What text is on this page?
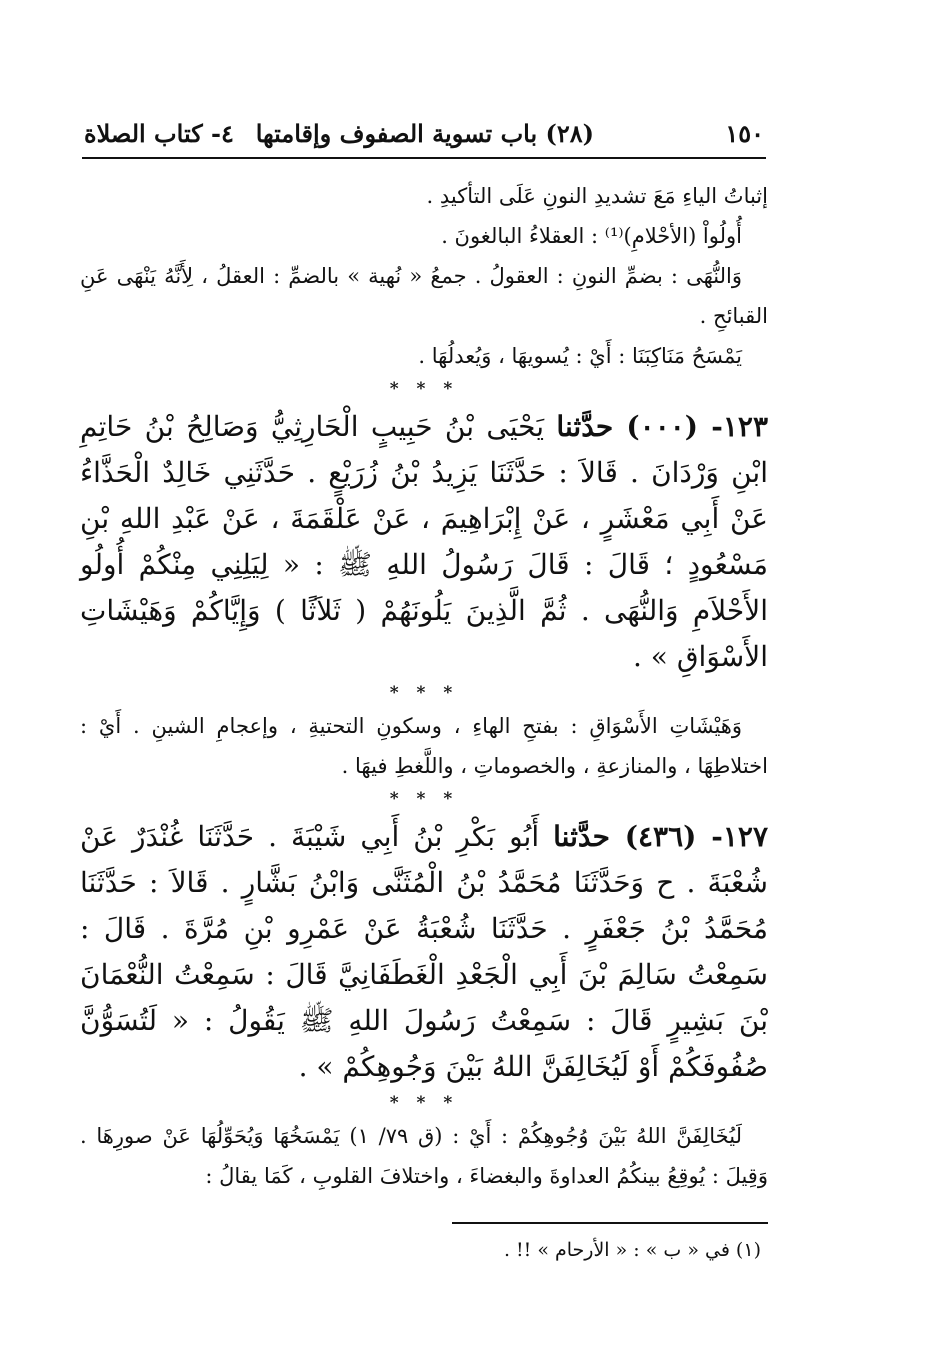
١٥٠
(٢٨) باب تسوية الصفوف وإقامتها
٤- كتاب الصلاة

إثباتُ الياءِ مَعَ تشديدِ النونِ عَلَى التأكيدِ .

أُولُواْ (الأحْلامِ)⁽¹⁾ : العقلاءُ البالغونَ .

وَالنُّهَى : بضمِّ النونِ : العقولُ . جمعُ « نُهية » بالضمِّ : العقلُ ، لِأَنَّهُ يَنْهَى عَنِ القبائحِ .

يَمْسَحُ مَنَاكِبَنَا : أَيْ : يُسويهَا ، وَيُعدلُهَا .

* * *

١٢٣- (٠٠٠) حدَّثنا يَحْيَى بْنُ حَبِيبٍ الْحَارِثِيُّ وَصَالِحُ بْنُ حَاتِمِ ابْنِ وَرْدَانَ . قَالاَ : حَدَّثَنَا يَزِيدُ بْنُ زُرَيْعٍ . حَدَّثَنِي خَالِدٌ الْحَذَّاءُ عَنْ أَبِي مَعْشَرٍ ، عَنْ إِبْرَاهِيمَ ، عَنْ عَلْقَمَةَ ، عَنْ عَبْدِ اللهِ بْنِ مَسْعُودٍ ؛ قَالَ : قَالَ رَسُولُ اللهِ ﷺ : « لِيَلِنِي مِنْكُمْ أُولُو الأَحْلاَمِ وَالنُّهَى . ثُمَّ الَّذِينَ يَلُونَهُمْ ( ثَلاَثًا ) وَإِيَّاكُمْ وَهَيْشَاتِ الأَسْوَاقِ » .

* * *

وَهَيْشَاتِ الأَسْوَاقِ : بفتحِ الهاءِ ، وسكونِ التحتيةِ ، وإعجامِ الشينِ . أَيْ : اختلاطِهَا ، والمنازعةِ ، والخصوماتِ ، واللَّغطِ فيهَا .

* * *

١٢٧- (٤٣٦) حدَّثنا أَبُو بَكْرِ بْنُ أَبِي شَيْبَةَ . حَدَّثَنَا غُنْدَرٌ عَنْ شُعْبَةَ . ح وَحَدَّثَنَا مُحَمَّدُ بْنُ الْمُثَنَّى وَابْنُ بَشَّارٍ . قَالاَ : حَدَّثَنَا مُحَمَّدُ بْنُ جَعْفَرٍ . حَدَّثَنَا شُعْبَةُ عَنْ عَمْرِو بْنِ مُرَّةَ . قَالَ : سَمِعْتُ سَالِمَ بْنَ أَبِي الْجَعْدِ الْغَطَفَانِيَّ قَالَ : سَمِعْتُ النُّعْمَانَ بْنَ بَشِيرٍ قَالَ : سَمِعْتُ رَسُولَ اللهِ ﷺ يَقُولُ : « لَتُسَوُّنَّ صُفُوفَكُمْ أَوْ لَيُخَالِفَنَّ اللهُ بَيْنَ وَجُوهِكُمْ » .

* * *

لَيُخَالِفَنَّ اللهُ بَيْنَ وُجُوهِكُمْ : أَيْ : (ق ٧٩/ ١) يَمْسَخُهَا وَيُحَوِّلُهَا عَنْ صورِهَا . وَقِيلَ : يُوقِعُ بينكُمُ العداوةَ والبغضاءَ ، واختلافَ القلوبِ ، كَمَا يقالُ :

(١) في « ب » : « الأرحام » !! .
